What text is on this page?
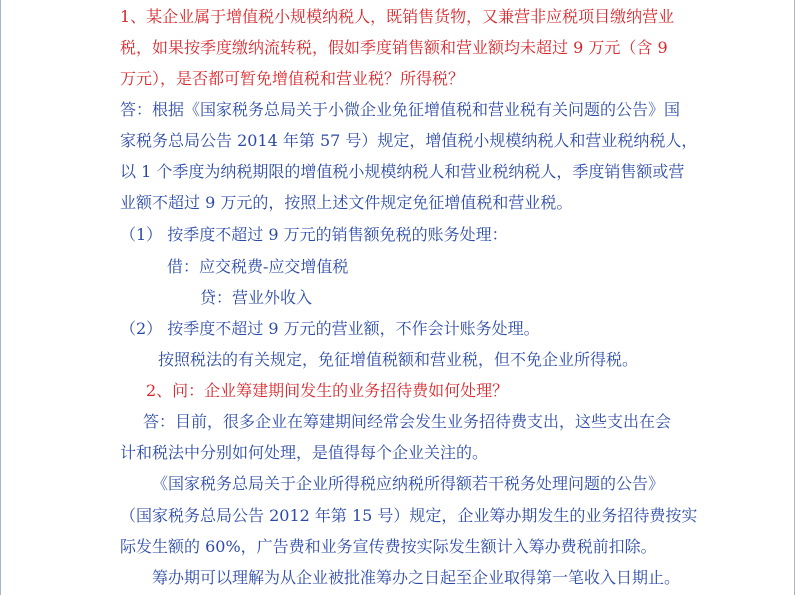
1、某企业属于增值税小规模纳税人，既销售货物，又兼营非应税项目缴纳营业
税，如果按季度缴纳流转税，假如季度销售额和营业额均未超过 9 万元（含 9
万元），是否都可暂免增值税和营业税？所得税？
答：根据《国家税务总局关于小微企业免征增值税和营业税有关问题的公告》国
家税务总局公告 2014 年第 57 号）规定，增值税小规模纳税人和营业税纳税人，
以 1 个季度为纳税期限的增值税小规模纳税人和营业税纳税人，季度销售额或营
业额不超过 9 万元的，按照上述文件规定免征增值税和营业税。
（1） 按季度不超过 9 万元的销售额免税的账务处理：
借：应交税费-应交增值税
贷：营业外收入
（2） 按季度不超过 9 万元的营业额，不作会计账务处理。
按照税法的有关规定，免征增值税额和营业税，但不免企业所得税。
2、问：企业筹建期间发生的业务招待费如何处理？
答：目前，很多企业在筹建期间经常会发生业务招待费支出，这些支出在会
计和税法中分别如何处理，是值得每个企业关注的。
《国家税务总局关于企业所得税应纳税所得额若干税务处理问题的公告》
（国家税务总局公告 2012 年第 15 号）规定，企业筹办期发生的业务招待费按实
际发生额的 60%，广告费和业务宣传费按实际发生额计入筹办费税前扣除。
筹办期可以理解为从企业被批准筹办之日起至企业取得第一笔收入日期止。
